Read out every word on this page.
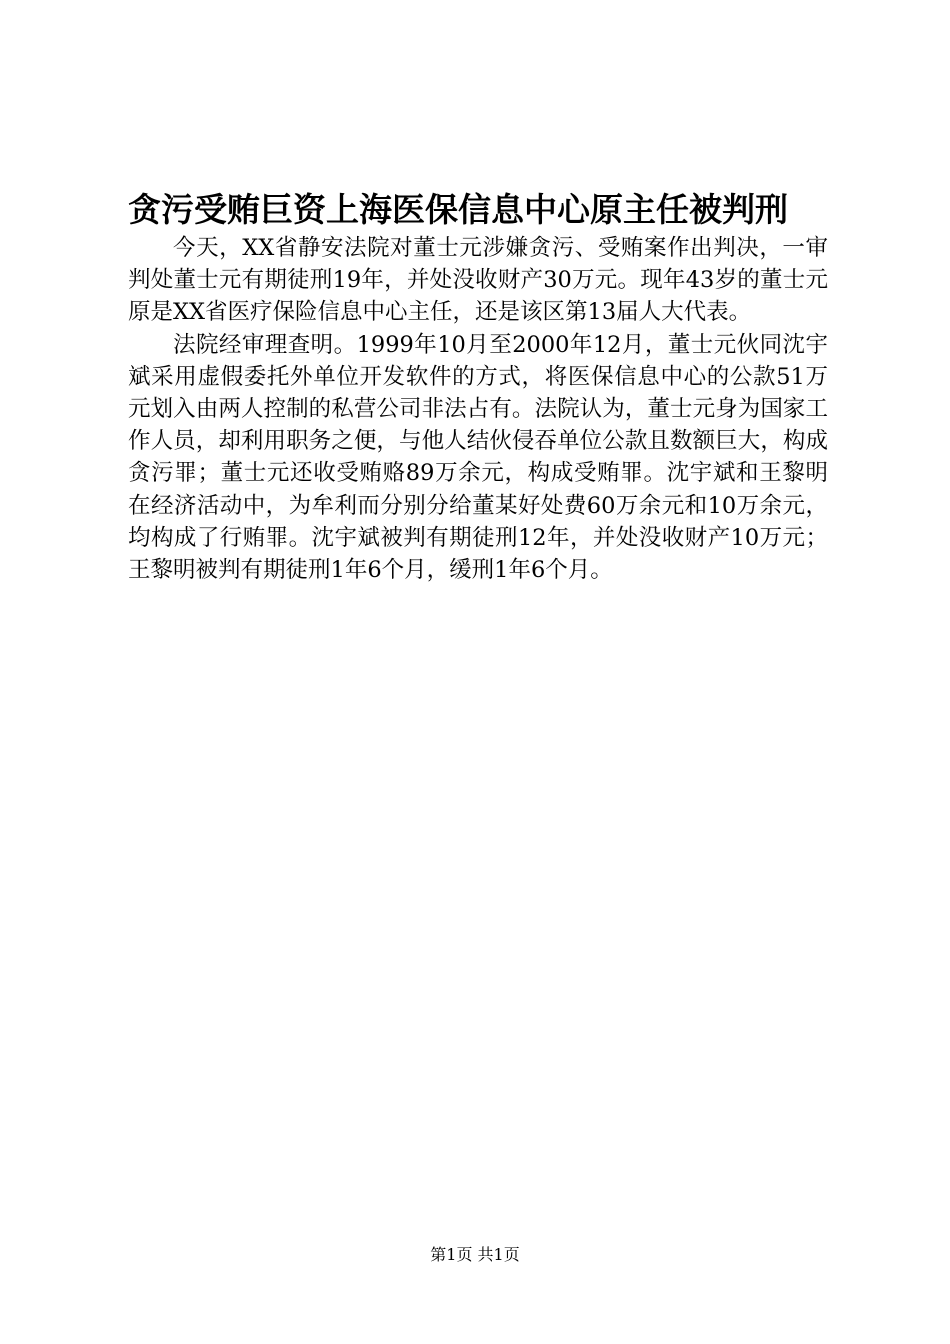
贪污受贿巨资上海医保信息中心原主任被判刑

今天，XX省静安法院对董士元涉嫌贪污、受贿案作出判决，一审判处董士元有期徒刑19年，并处没收财产30万元。现年43岁的董士元原是XX省医疗保险信息中心主任，还是该区第13届人大代表。

法院经审理查明。1999年10月至2000年12月，董士元伙同沈宇斌采用虚假委托外单位开发软件的方式，将医保信息中心的公款51万元划入由两人控制的私营公司非法占有。法院认为，董士元身为国家工作人员，却利用职务之便，与他人结伙侵吞单位公款且数额巨大，构成贪污罪；董士元还收受贿赂89万余元，构成受贿罪。沈宇斌和王黎明在经济活动中，为牟利而分别分给董某好处费60万余元和10万余元，均构成了行贿罪。沈宇斌被判有期徒刑12年，并处没收财产10万元；王黎明被判有期徒刑1年6个月，缓刑1年6个月。

第1页 共1页
